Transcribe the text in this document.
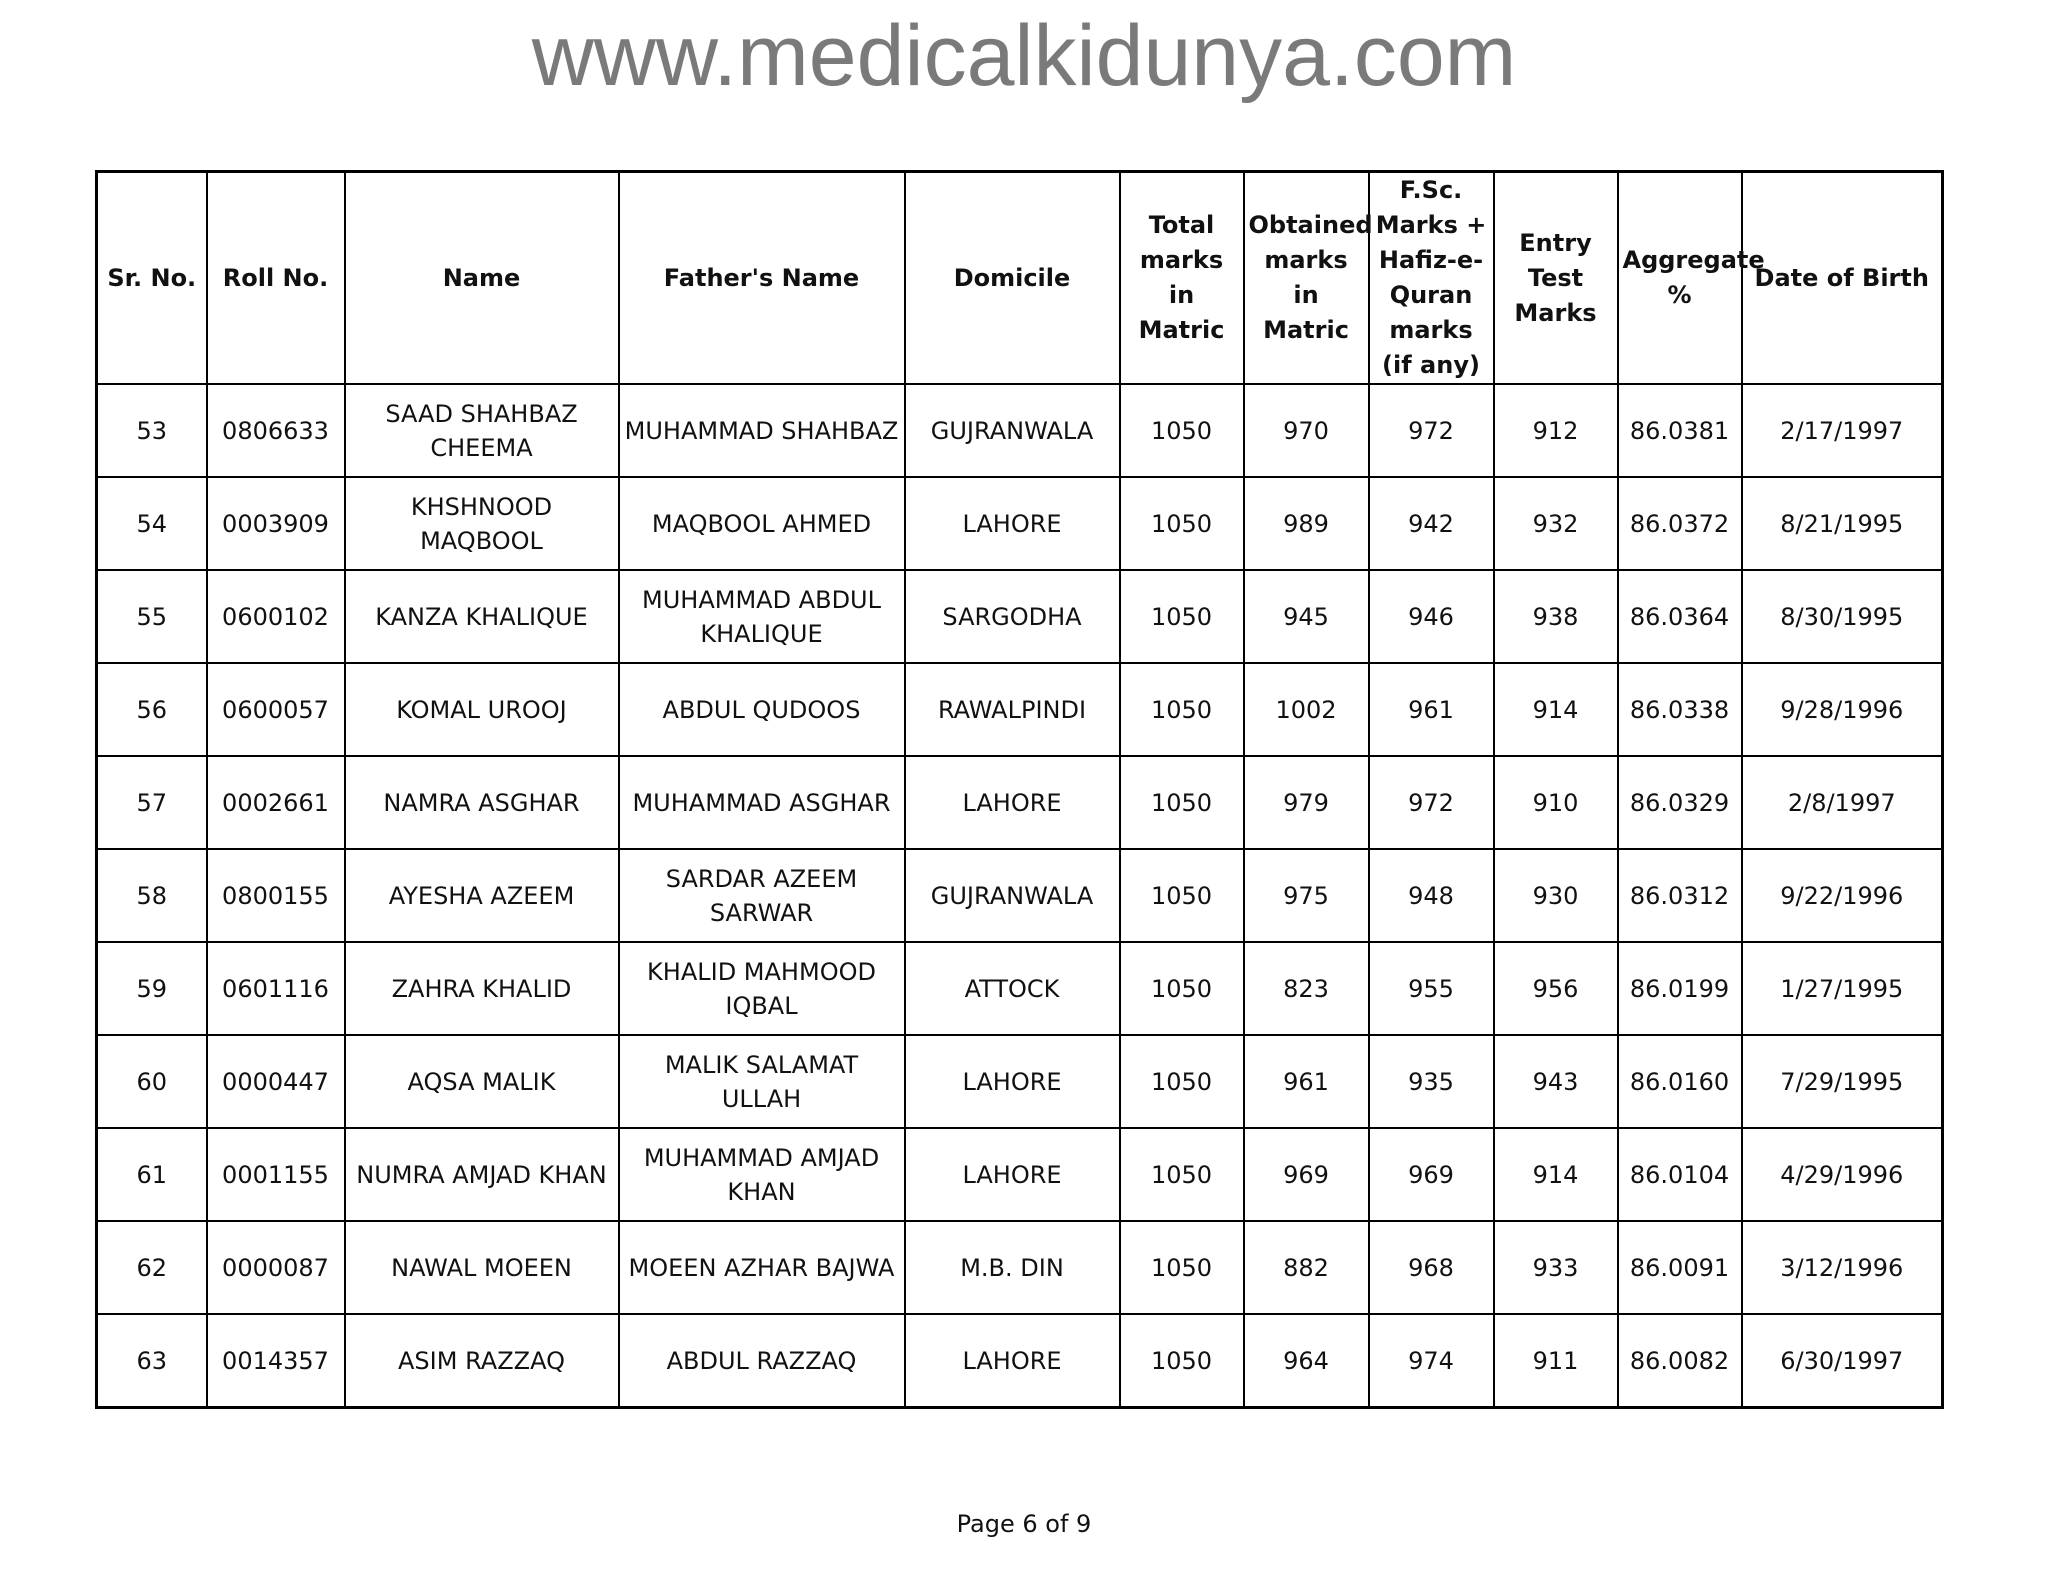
www.medicalkidunya.com
Sr. No.	Roll No.	Name	Father's Name	Domicile	Total marks in Matric	Obtained marks in Matric	F.Sc. Marks + Hafiz-e-Quran marks (if any)	Entry Test Marks	Aggregate %	Date of Birth
53	0806633	SAAD SHAHBAZ CHEEMA	MUHAMMAD SHAHBAZ	GUJRANWALA	1050	970	972	912	86.0381	2/17/1997
54	0003909	KHSHNOOD MAQBOOL	MAQBOOL AHMED	LAHORE	1050	989	942	932	86.0372	8/21/1995
55	0600102	KANZA KHALIQUE	MUHAMMAD ABDUL KHALIQUE	SARGODHA	1050	945	946	938	86.0364	8/30/1995
56	0600057	KOMAL UROOJ	ABDUL QUDOOS	RAWALPINDI	1050	1002	961	914	86.0338	9/28/1996
57	0002661	NAMRA ASGHAR	MUHAMMAD ASGHAR	LAHORE	1050	979	972	910	86.0329	2/8/1997
58	0800155	AYESHA AZEEM	SARDAR AZEEM SARWAR	GUJRANWALA	1050	975	948	930	86.0312	9/22/1996
59	0601116	ZAHRA KHALID	KHALID MAHMOOD IQBAL	ATTOCK	1050	823	955	956	86.0199	1/27/1995
60	0000447	AQSA MALIK	MALIK SALAMAT ULLAH	LAHORE	1050	961	935	943	86.0160	7/29/1995
61	0001155	NUMRA AMJAD KHAN	MUHAMMAD AMJAD KHAN	LAHORE	1050	969	969	914	86.0104	4/29/1996
62	0000087	NAWAL MOEEN	MOEEN AZHAR BAJWA	M.B. DIN	1050	882	968	933	86.0091	3/12/1996
63	0014357	ASIM RAZZAQ	ABDUL RAZZAQ	LAHORE	1050	964	974	911	86.0082	6/30/1997
Page 6 of 9
